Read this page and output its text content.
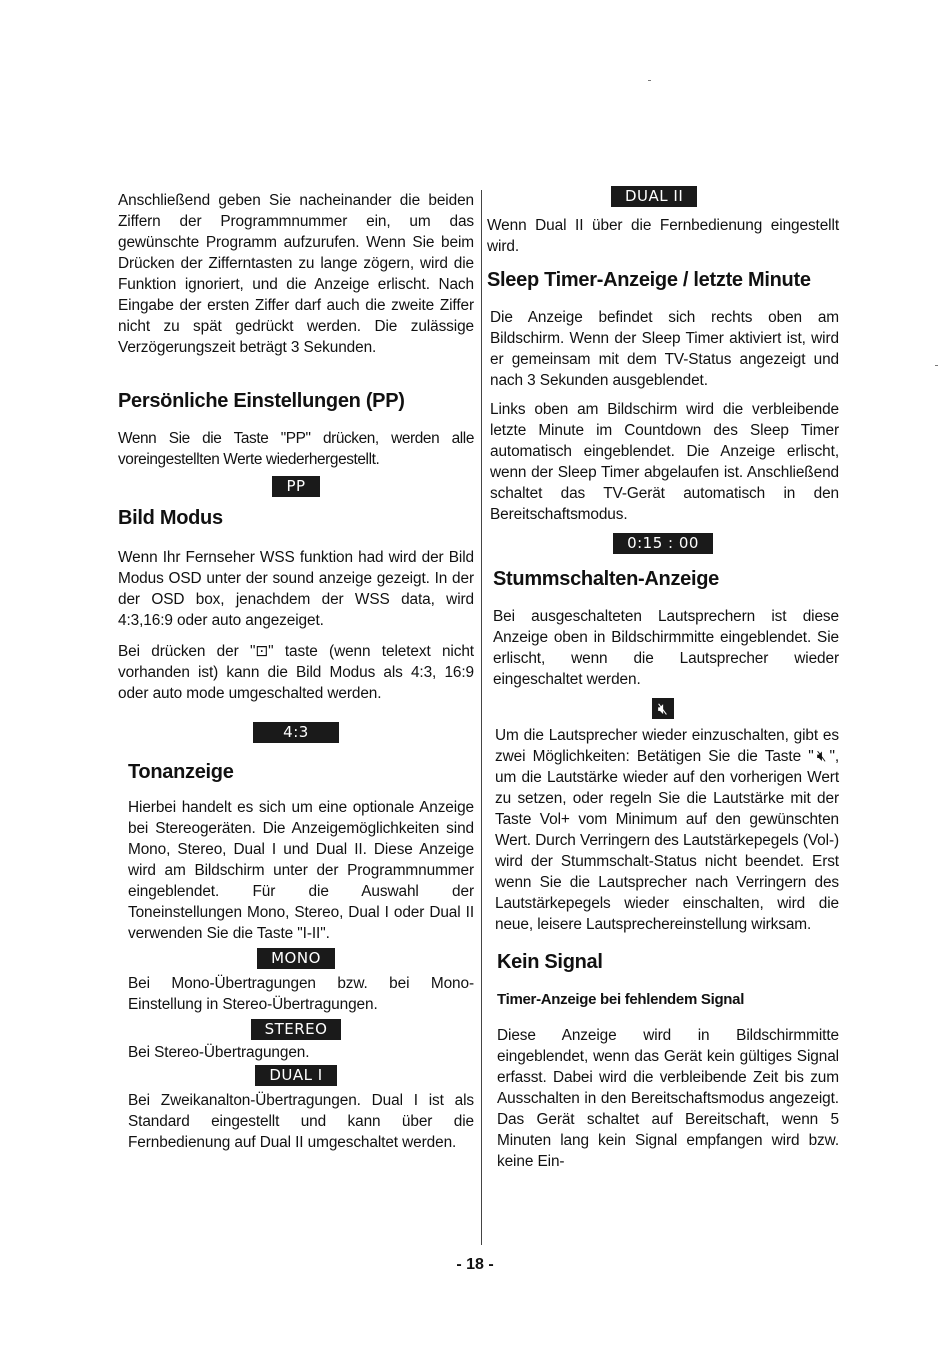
Anschließend geben Sie nacheinander die beiden Ziffern der Programmnummer ein, um das gewünschte Programm aufzurufen. Wenn Sie beim Drücken der Zifferntasten zu lange zögern, wird die Funktion ignoriert, und die Anzeige erlischt. Nach Eingabe der ersten Ziffer darf auch die zweite Ziffer nicht zu spät gedrückt werden. Die zulässige Verzögerungszeit beträgt 3 Sekunden.

Persönliche Einstellungen (PP)

Wenn Sie die Taste "PP" drücken, werden alle voreingestellten Werte wiederhergestellt.

PP
Bild Modus

Wenn Ihr Fernseher WSS funktion had wird der Bild Modus OSD unter der sound anzeige gezeigt. In der der OSD box, jenachdem der WSS data, wird 4:3,16:9 oder auto angezeiget.

Bei drücken der "⊡" taste (wenn teletext nicht vorhanden ist) kann die Bild Modus als 4:3, 16:9 oder auto mode umgeschalted werden.

4:3
Tonanzeige

Hierbei handelt es sich um eine optionale Anzeige bei Stereogeräten. Die Anzeigemöglichkeiten sind Mono, Stereo, Dual I und Dual II. Diese Anzeige wird am Bildschirm unter der Programmnummer eingeblendet. Für die Auswahl der Toneinstellungen Mono, Stereo, Dual I oder Dual II verwenden Sie die Taste "I-II".

MONO

Bei Mono-Übertragungen bzw. bei Mono-Einstellung in Stereo-Übertragungen.

STEREO

Bei Stereo-Übertragungen.

DUAL I

Bei Zweikanalton-Übertragungen. Dual I ist als Standard eingestellt und kann über die Fernbedienung auf Dual II umgeschaltet werden.

DUAL II

Wenn Dual II über die Fernbedienung eingestellt wird.

Sleep Timer-Anzeige / letzte Minute

Die Anzeige befindet sich rechts oben am Bildschirm. Wenn der Sleep Timer aktiviert ist, wird er gemeinsam mit dem TV-Status angezeigt und nach 3 Sekunden ausgeblendet.

Links oben am Bildschirm wird die verbleibende letzte Minute im Countdown des Sleep Timer automatisch eingeblendet. Die Anzeige erlischt, wenn der Sleep Timer abgelaufen ist. Anschließend schaltet das TV-Gerät automatisch in den Bereitschaftsmodus.

0:15 : 00
Stummschalten-Anzeige

Bei ausgeschalteten Lautsprechern ist diese Anzeige oben in Bildschirmmitte eingeblendet. Sie erlischt, wenn die Lautsprecher wieder eingeschaltet werden.

🔇︎

Um die Lautsprecher wieder einzuschalten, gibt es zwei Möglichkeiten: Betätigen Sie die Taste "🔇︎", um die Lautstärke wieder auf den vorherigen Wert zu setzen, oder regeln Sie die Lautstärke mit der Taste Vol+ vom Minimum auf den gewünschten Wert. Durch Verringern des Lautstärkepegels (Vol-) wird der Stummschalt-Status nicht beendet. Erst wenn Sie die Lautsprecher nach Verringern des Lautstärkepegels wieder einschalten, wird die neue, leisere Lautsprechereinstellung wirksam.

Kein Signal
Timer-Anzeige bei fehlendem Signal

Diese Anzeige wird in Bildschirmmitte eingeblendet, wenn das Gerät kein gültiges Signal erfasst. Dabei wird die verbleibende Zeit bis zum Ausschalten in den Bereitschaftsmodus angezeigt. Das Gerät schaltet auf Bereitschaft, wenn 5 Minuten lang kein Signal empfangen wird bzw. keine Ein-

- 18 -
